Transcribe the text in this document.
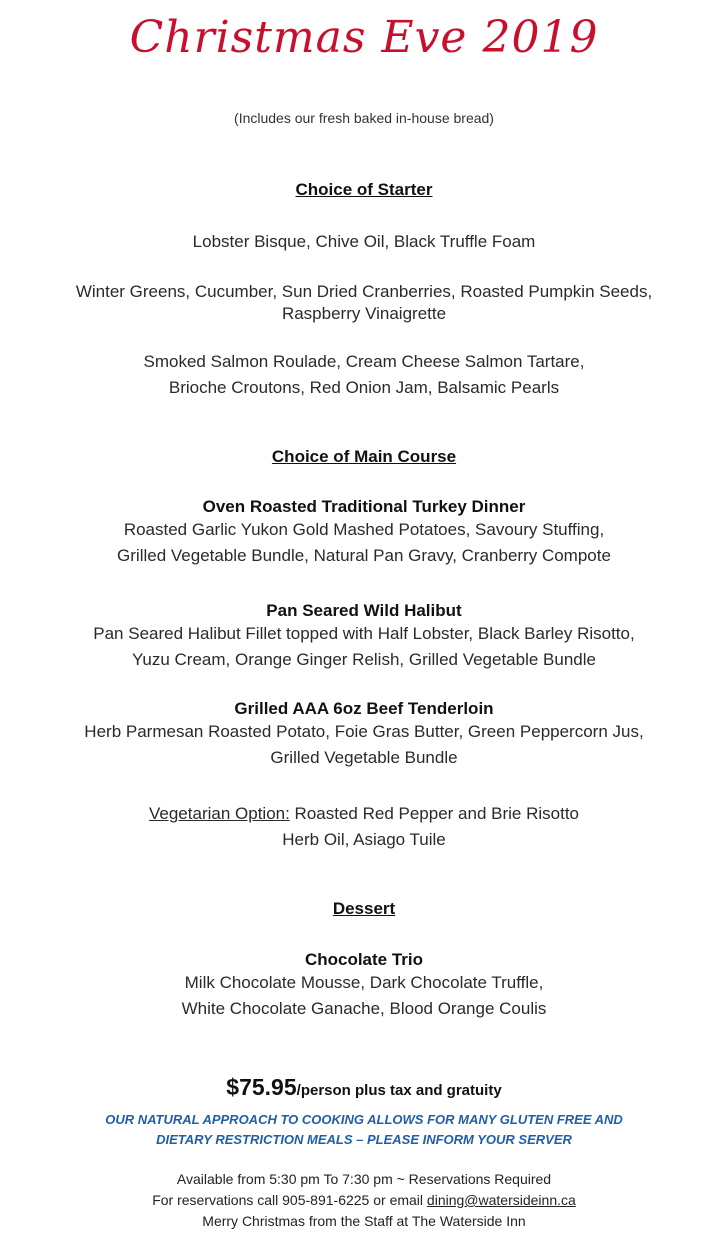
Christmas Eve 2019
(Includes our fresh baked in-house bread)
Choice of Starter
Lobster Bisque, Chive Oil, Black Truffle Foam
Winter Greens, Cucumber, Sun Dried Cranberries, Roasted Pumpkin Seeds,
Raspberry Vinaigrette
Smoked Salmon Roulade, Cream Cheese Salmon Tartare,
Brioche Croutons, Red Onion Jam, Balsamic Pearls
Choice of Main Course
Oven Roasted Traditional Turkey Dinner
Roasted Garlic Yukon Gold Mashed Potatoes, Savoury Stuffing,
Grilled Vegetable Bundle, Natural Pan Gravy, Cranberry Compote
Pan Seared Wild Halibut
Pan Seared Halibut Fillet topped with Half Lobster, Black Barley Risotto,
Yuzu Cream, Orange Ginger Relish, Grilled Vegetable Bundle
Grilled AAA 6oz Beef Tenderloin
Herb Parmesan Roasted Potato, Foie Gras Butter, Green Peppercorn Jus,
Grilled Vegetable Bundle
Vegetarian Option: Roasted Red Pepper and Brie Risotto
Herb Oil, Asiago Tuile
Dessert
Chocolate Trio
Milk Chocolate Mousse, Dark Chocolate Truffle,
White Chocolate Ganache, Blood Orange Coulis
$75.95/person plus tax and gratuity
OUR NATURAL APPROACH TO COOKING ALLOWS FOR MANY GLUTEN FREE AND
DIETARY RESTRICTION MEALS – PLEASE INFORM YOUR SERVER
Available from 5:30 pm To 7:30 pm ~ Reservations Required
For reservations call 905-891-6225 or email dining@watersideinn.ca
Merry Christmas from the Staff at The Waterside Inn
